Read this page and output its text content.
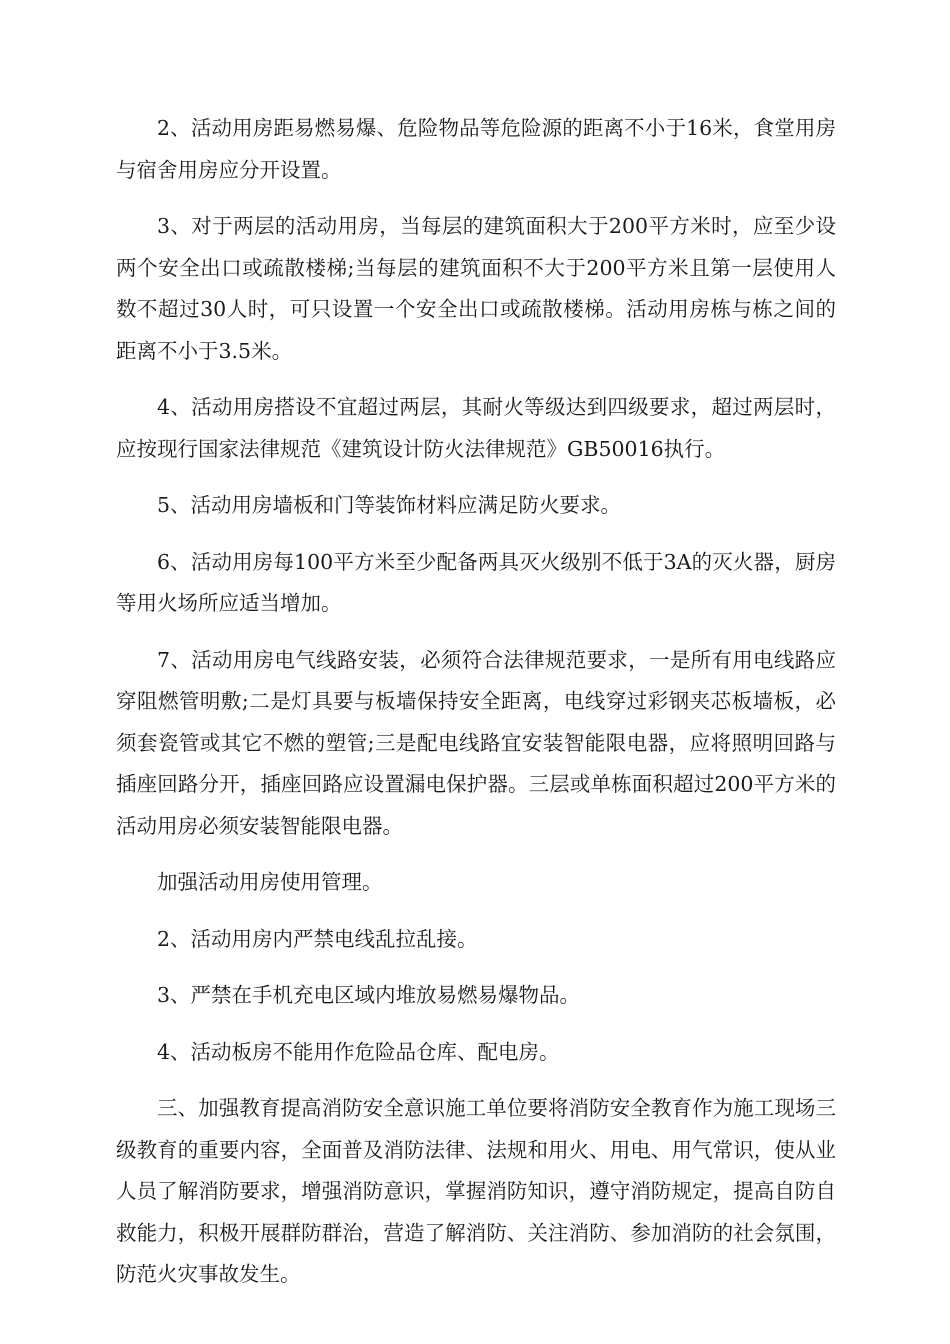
2、活动用房距易燃易爆、危险物品等危险源的距离不小于16米，食堂用房与宿舍用房应分开设置。

3、对于两层的活动用房，当每层的建筑面积大于200平方米时，应至少设两个安全出口或疏散楼梯;当每层的建筑面积不大于200平方米且第一层使用人数不超过30人时，可只设置一个安全出口或疏散楼梯。活动用房栋与栋之间的距离不小于3.5米。

4、活动用房搭设不宜超过两层，其耐火等级达到四级要求，超过两层时，应按现行国家法律规范《建筑设计防火法律规范》GB50016执行。

5、活动用房墙板和门等装饰材料应满足防火要求。

6、活动用房每100平方米至少配备两具灭火级别不低于3A的灭火器，厨房等用火场所应适当增加。

7、活动用房电气线路安装，必须符合法律规范要求，一是所有用电线路应穿阻燃管明敷;二是灯具要与板墙保持安全距离，电线穿过彩钢夹芯板墙板，必须套瓷管或其它不燃的塑管;三是配电线路宜安装智能限电器，应将照明回路与插座回路分开，插座回路应设置漏电保护器。三层或单栋面积超过200平方米的活动用房必须安装智能限电器。

加强活动用房使用管理。

2、活动用房内严禁电线乱拉乱接。

3、严禁在手机充电区域内堆放易燃易爆物品。

4、活动板房不能用作危险品仓库、配电房。

三、加强教育提高消防安全意识施工单位要将消防安全教育作为施工现场三级教育的重要内容，全面普及消防法律、法规和用火、用电、用气常识，使从业人员了解消防要求，增强消防意识，掌握消防知识，遵守消防规定，提高自防自救能力，积极开展群防群治，营造了解消防、关注消防、参加消防的社会氛围，防范火灾事故发生。
